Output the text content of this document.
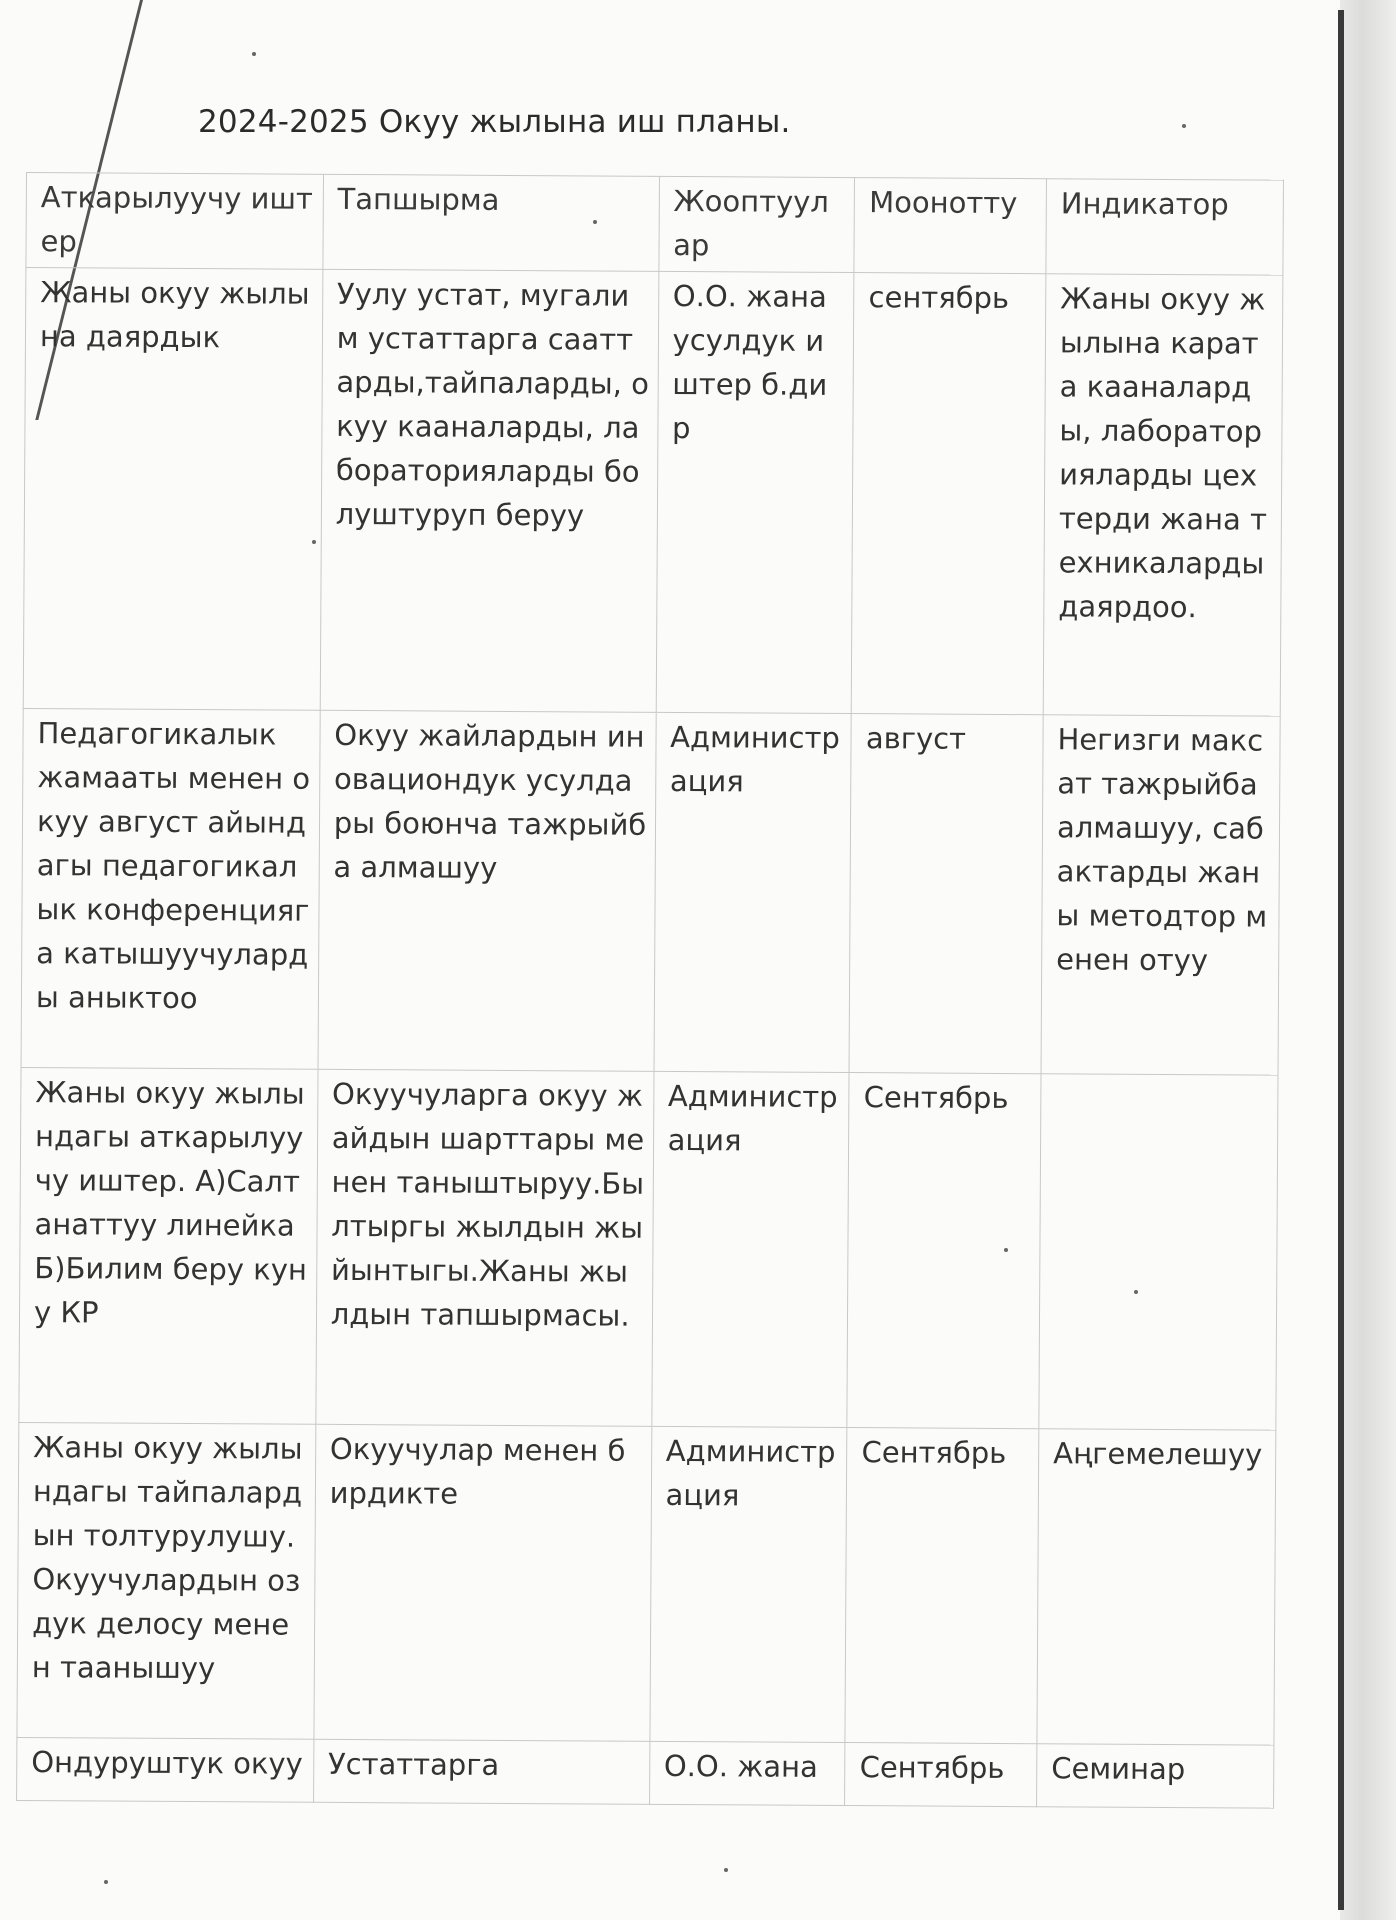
2024-2025 Окуу жылына иш планы.
Аткарылуучу иштер	Тапшырма	Жооптуулар	Моонотту	Индикатор
Жаны окуу жылына даярдык	Уулу устат, мугалим устаттарга сааттарды,тайпаларды, окуу кааналарды, лабораторияларды болуштуруп беруу	О.О. жана усулдук иштер б.дир	сентябрь	Жаны окуу жылына карата кааналарды, лабораторияларды цехтерди жана техникаларды даярдоо.
Педагогикалык жамааты менен окуу август айындагы педагогикалык конференцияга катышуучуларды аныктоо	Окуу жайлардын иновациондук усулдары боюнча тажрыйба алмашуу	Администрация	август	Негизги максат тажрыйба алмашуу, сабактарды жаны методтор менен отуу
Жаны окуу жылындагы аткарылуучу иштер. А)Салтанаттуу линейка Б)Билим беру куну КР	Окуучуларга окуу жайдын шарттары менен таныштыруу.Былтыргы жылдын жыйынтыгы.Жаны жылдын тапшырмасы.	Администрация	Сентябрь	
Жаны окуу жылындагы тайпалардын толтурулушу.Окуучулардын оздук делосу менен таанышуу	Окуучулар менен бирдикте	Администрация	Сентябрь	Аңгемелешуу
Ондуруштук окуу	Устаттарга	О.О. жана	Сентябрь	Семинар
